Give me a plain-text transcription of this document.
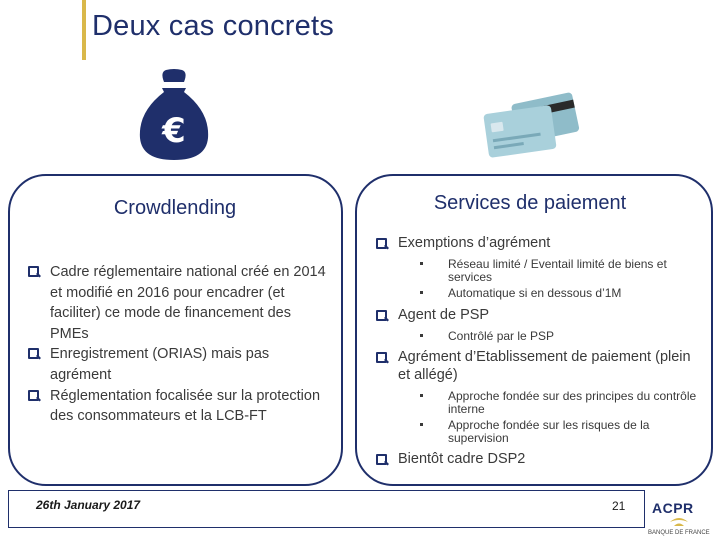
Deux cas concrets
€
Crowdlending	Services de paiement
Cadre réglementaire national créé en 2014 et modifié en 2016 pour encadrer (et faciliter) ce mode de financement des PMEs
Enregistrement (ORIAS) mais pas agrément
Réglementation focalisée sur la protection des consommateurs et la LCB-FT
Exemptions d’agrément
Réseau limité / Eventail limité de biens et services
Automatique si en dessous d’1M
Agent de PSP
Contrôlé par le PSP
Agrément d’Etablissement de paiement (plein et allégé)
Approche fondée sur des principes du contrôle interne
Approche fondée sur les risques de la supervision
Bientôt cadre DSP2
26th January 2017	21 ACPR
BANQUE DE FRANCE
